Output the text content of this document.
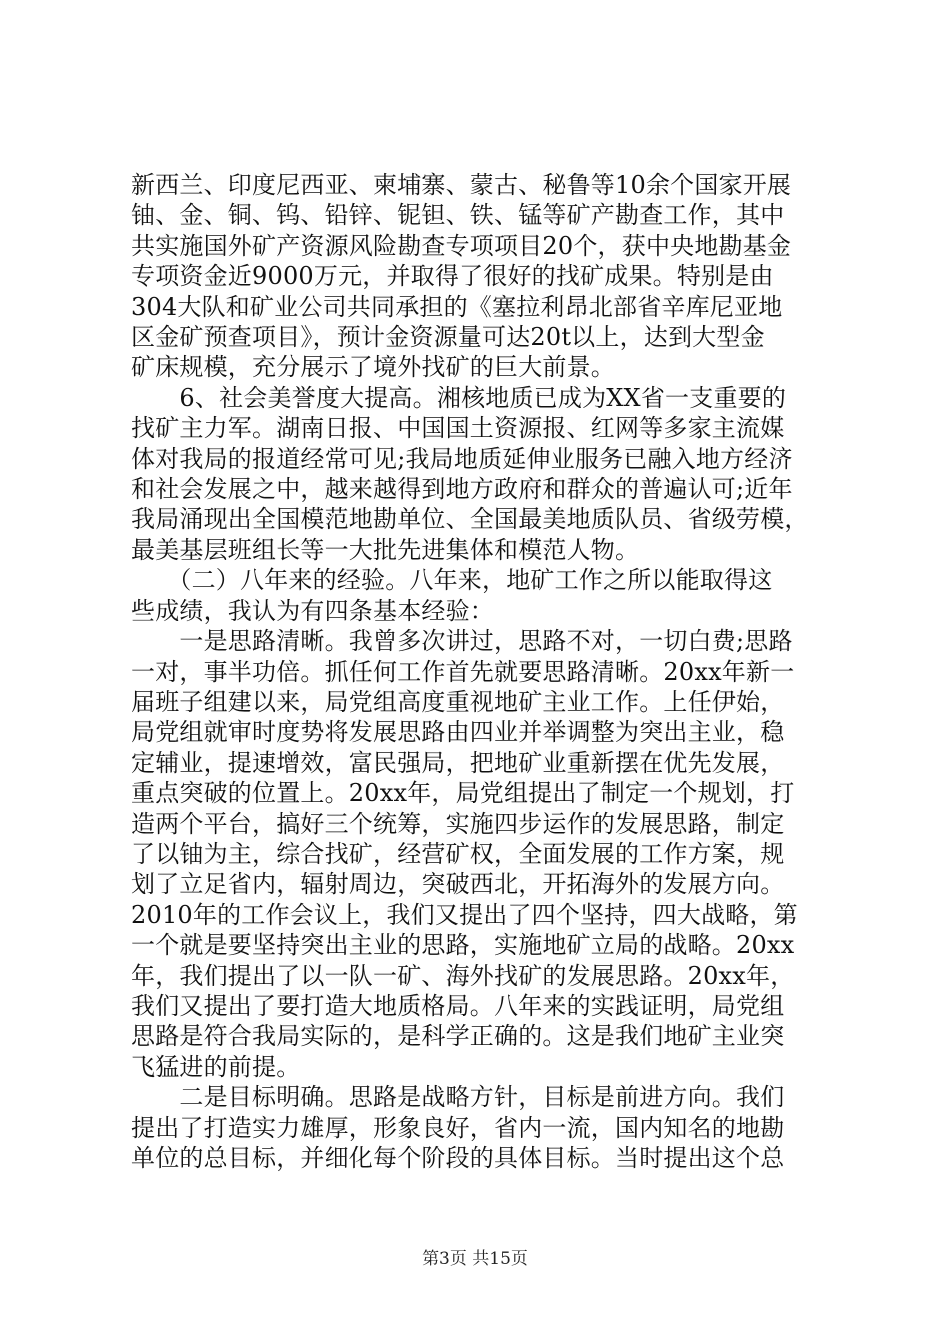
新西兰、印度尼西亚、柬埔寨、蒙古、秘鲁等10余个国家开展
铀、金、铜、钨、铅锌、铌钽、铁、锰等矿产勘查工作，其中
共实施国外矿产资源风险勘查专项项目20个，获中央地勘基金
专项资金近9000万元，并取得了很好的找矿成果。特别是由
304大队和矿业公司共同承担的《塞拉利昂北部省辛库尼亚地
区金矿预查项目》，预计金资源量可达20t以上，达到大型金
矿床规模，充分展示了境外找矿的巨大前景。
　　6、社会美誉度大提高。湘核地质已成为XX省一支重要的
找矿主力军。湖南日报、中国国土资源报、红网等多家主流媒
体对我局的报道经常可见;我局地质延伸业服务已融入地方经济
和社会发展之中，越来越得到地方政府和群众的普遍认可;近年
我局涌现出全国模范地勘单位、全国最美地质队员、省级劳模，
最美基层班组长等一大批先进集体和模范人物。
　　（二）八年来的经验。八年来，地矿工作之所以能取得这
些成绩，我认为有四条基本经验：
　　一是思路清晰。我曾多次讲过，思路不对，一切白费;思路
一对，事半功倍。抓任何工作首先就要思路清晰。20xx年新一
届班子组建以来，局党组高度重视地矿主业工作。上任伊始，
局党组就审时度势将发展思路由四业并举调整为突出主业，稳
定辅业，提速增效，富民强局，把地矿业重新摆在优先发展，
重点突破的位置上。20xx年，局党组提出了制定一个规划，打
造两个平台，搞好三个统筹，实施四步运作的发展思路，制定
了以铀为主，综合找矿，经营矿权，全面发展的工作方案，规
划了立足省内，辐射周边，突破西北，开拓海外的发展方向。
2010年的工作会议上，我们又提出了四个坚持，四大战略，第
一个就是要坚持突出主业的思路，实施地矿立局的战略。20xx
年，我们提出了以一队一矿、海外找矿的发展思路。20xx年，
我们又提出了要打造大地质格局。八年来的实践证明，局党组
思路是符合我局实际的，是科学正确的。这是我们地矿主业突
飞猛进的前提。
　　二是目标明确。思路是战略方针，目标是前进方向。我们
提出了打造实力雄厚，形象良好，省内一流，国内知名的地勘
单位的总目标，并细化每个阶段的具体目标。当时提出这个总
第3页 共15页
